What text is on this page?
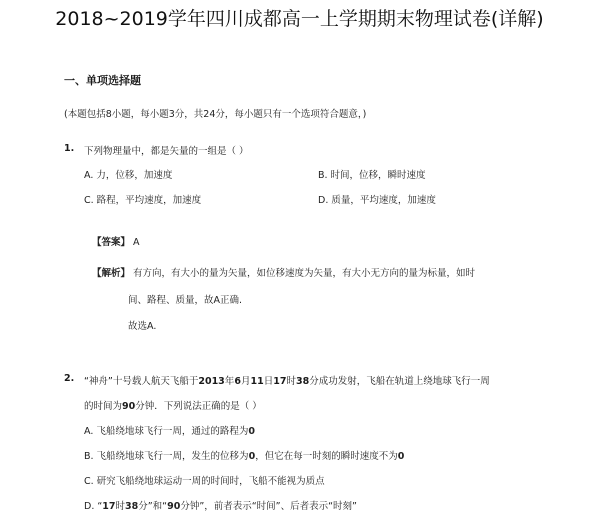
2018~2019学年四川成都高一上学期期末物理试卷(详解)
一、单项选择题
(本题包括8小题，每小题3分，共24分，每小题只有一个选项符合题意，)
1. 下列物理量中，都是矢量的一组是（ ）
A. 力，位移，加速度	B. 时间，位移，瞬时速度
C. 路程，平均速度，加速度	D. 质量，平均速度，加速度
【答案】 A
【解析】 有方向，有大小的量为矢量，如位移速度为矢量，有大小无方向的量为标量，如时
间、路程、质量，故A正确.
故选A.
2. “神舟”十号载人航天飞船于2013年6月11日17时38分成功发射，飞船在轨道上绕地球飞行一周
的时间为90分钟．下列说法正确的是（ ）
A. 飞船绕地球飞行一周，通过的路程为0
B. 飞船绕地球飞行一周，发生的位移为0，但它在每一时刻的瞬时速度不为0
C. 研究飞船绕地球运动一周的时间时，飞船不能视为质点
D. “17时38分”和“90分钟”，前者表示“时间”、后者表示“时刻”
